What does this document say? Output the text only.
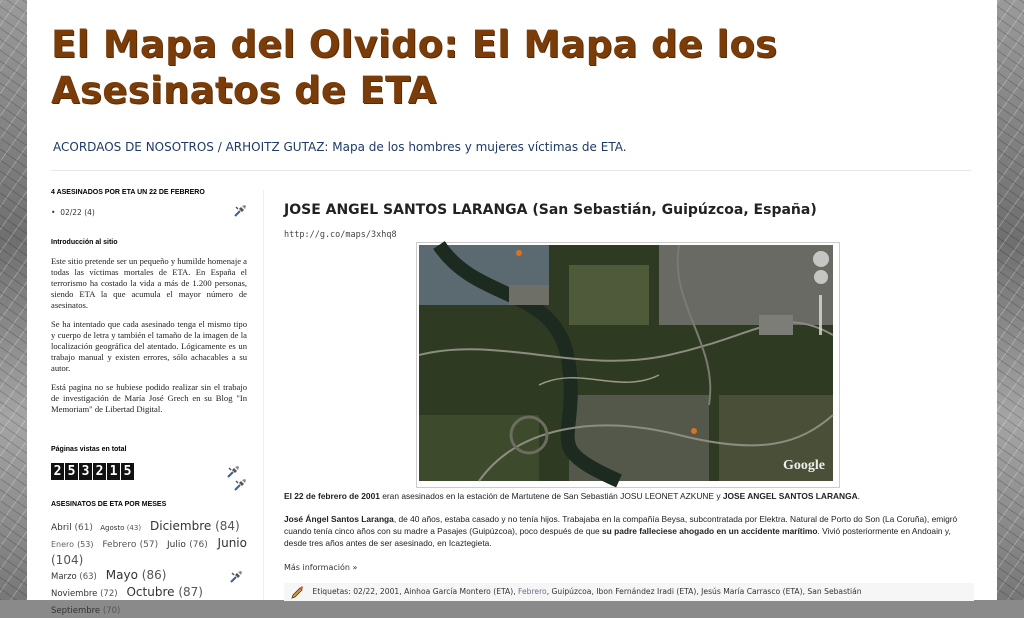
El Mapa del Olvido: El Mapa de los
Asesinatos de ETA

ACORDAOS DE NOSOTROS / ARHOITZ GUTAZ: Mapa de los hombres y mujeres víctimas de ETA.

4 ASESINADOS POR ETA UN 22 DE FEBRERO
•  02/22 (4)
Introducción al sitio

Este sitio pretende ser un pequeño y humilde homenaje a todas las víctimas mortales de ETA. En España el terrorismo ha costado la vida a más de 1.200 personas, siendo ETA la que acumula el mayor número de asesinatos.

Se ha intentado que cada asesinado tenga el mismo tipo y cuerpo de letra y también el tamaño de la imagen de la localización geográfica del atentado. Lógicamente es un trabajo manual y existen errores, sólo achacables a su autor.

Está pagina no se hubiese podido realizar sin el trabajo de investigación de María José Grech en su Blog "In Memoriam" de Libertad Digital.

Páginas vistas en total
2 5 3 2 1 5
ASESINATOS DE ETA POR MESES
Abril (61) Agosto (43) Diciembre (84)
Enero (53) Febrero (57) Julio (76) Junio (104)
Marzo (63) Mayo (86)
Noviembre (72) Octubre (87)
Septiembre (70)
JOSE ANGEL SANTOS LARANGA (San Sebastián, Guipúzcoa, España)
http://g.co/maps/3xhq8
Google

El 22 de febrero de 2001 eran asesinados en la estación de Martutene de San Sebastián JOSU LEONET AZKUNE y JOSE ANGEL SANTOS LARANGA.

José Ángel Santos Laranga, de 40 años, estaba casado y no tenía hijos. Trabajaba en la compañía Beysa, subcontratada por Elektra. Natural de Porto do Son (La Coruña), emigró cuando tenía cinco años con su madre a Pasajes (Guipúzcoa), poco después de que su padre falleciese ahogado en un accidente marítimo. Vivió posteriormente en Andoain y, desde tres años antes de ser asesinado, en Icaztegieta.

Más información »
Etiquetas: 02/22, 2001, Ainhoa García Montero (ETA), Febrero, Guipúzcoa, Ibon Fernández Iradi (ETA), Jesús María Carrasco (ETA), San Sebastián
